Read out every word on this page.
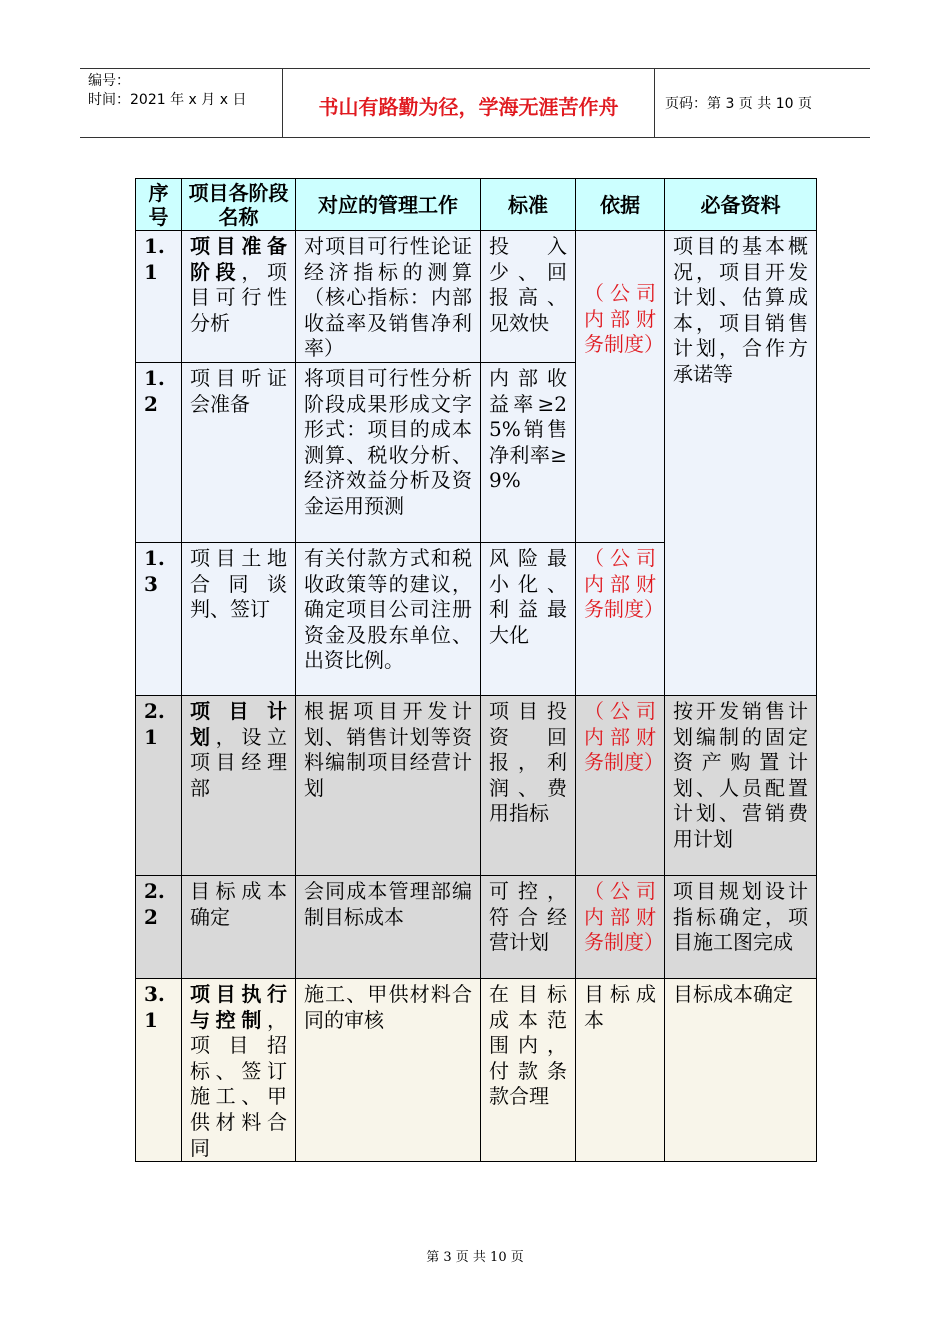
编号：
时间：2021 年 x 月 x 日	书山有路勤为径，学海无涯苦作舟	页码：第 3 页 共 10 页
序号	项目各阶段名称	对应的管理工作	标准	依据	必备资料
1.1	项目准备阶段，项目可行性分析	对项目可行性论证经济指标的测算（核心指标：内部收益率及销售净利率）	投入少、回报高、见效快	（公司内部财务制度）	项目的基本概况，项目开发计划、估算成本，项目销售计划，合作方承诺等
1.2	项目听证会准备	将项目可行性分析阶段成果形成文字形式：项目的成本测算、税收分析、经济效益分析及资金运用预测	内部收益率≥25%销售净利率≥9%		
1.3	项目土地合同谈判、签订	有关付款方式和税收政策等的建议，确定项目公司注册资金及股东单位、出资比例。	风险最小化、利益最大化	（公司内部财务制度）	
2.1	项目计划，设立项目经理部	根据项目开发计划、销售计划等资料编制项目经营计划	项目投资回报，利润、费用指标	（公司内部财务制度）	按开发销售计划编制的固定资产购置计划、人员配置计划、营销费用计划
2.2	目标成本确定	会同成本管理部编制目标成本	可控，符合经营计划	（公司内部财务制度）	项目规划设计指标确定，项目施工图完成
3.1	项目执行与控制，项目招标、签订施工、甲供材料合同	施工、甲供材料合同的审核	在目标成本范围内，付款条款合理	目标成本	目标成本确定
第 3 页 共 10 页
